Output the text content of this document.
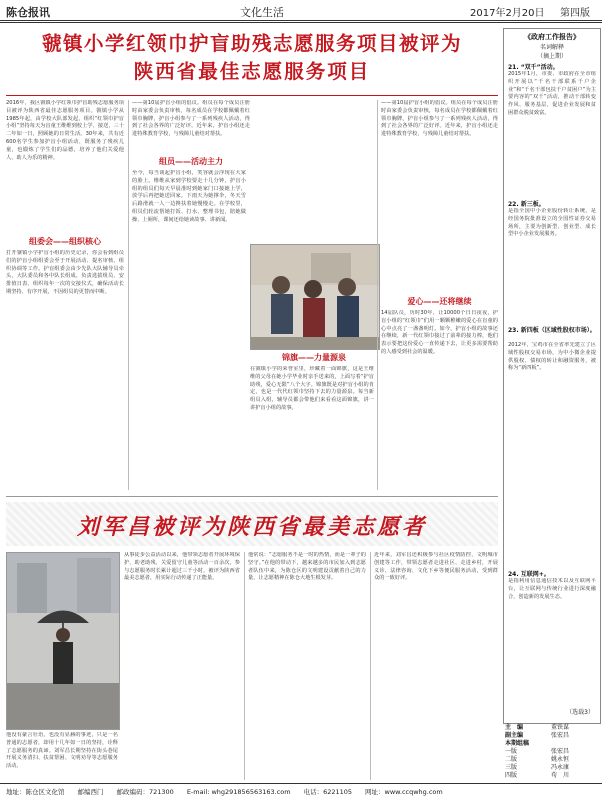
陈仓报讯	文化生活	2017年2月20日 第四版
虢镇小学红领巾护盲助残志愿服务项目被评为
陕西省最佳志愿服务项目
2016年，我区虢镇小学红领巾护盲助残志愿服务项目被评为陕西省最佳志愿服务项目。虢镇小学从1985年起，由学校大队部发起，组织“红领巾护盲小组”坚持每天为盲童王维维到校上学、接送，三十二年如一日，照顾她的日常生活。30年来，共有近600名学生参加护盲小组活动，既服务了残疾儿童，也锻炼了学生们的品德，培养了他们关爱他人、助人为乐的精神。
组委会——组织核心
打开虢镇小学护盲小组的历史记录，你会看到组员们的护盲小组组委会至于开展活动、提名审核、组织协调等工作。护盲组委会由少先队大队辅导员牵头，大队委员和各中队长组成，负责选拔组员、安排值日表、组织每年一次的交接仪式，确保活动长期坚持、有序开展，不因组员的更替而中断。
——第10届护盲小组的倡议。组员在每个成员注册时由家委会负责审核，每名成员在学校都佩戴着红领巾胸牌，护盲小组参与了一系列残疾人活动，得到了社会各界的广泛好评。近年来，护盲小组还走进特殊教育学校，与残障儿童结对帮扶。
组员——活动主力
至今，每当谈起护盲小组，笑容就会浮现在大家的脸上。维维从家到学校要走十几分钟，护盲小组的组员们每天早晨准时到她家门口接她上学，放学后再把她送回家。下雨天为她撑伞，冬天雪后路滑就一人一边搀扶着她慢慢走。在学校里，组员们轮流帮她打饭、打水、整理书包，陪她做操、上厕所，课间还给她读故事、讲新闻。
锦旗——力量源泉
在虢镇小学的荣誉室里，珍藏着一面锦旗，这是王维维的父母在她小学毕业时亲手送来的，上面写着“护盲助残，爱心无限”八个大字。锦旗既是对护盲小组的肯定，也是一代代红领巾坚持下去的力量源泉。每当新组员入组，辅导员都会带他们来看看这面锦旗，讲一讲护盲小组的故事。
——第10届护盲小组的倡议。组员在每个成员注册时由家委会负责审核，每名成员在学校都佩戴着红领巾胸牌，护盲小组参与了一系列残疾人活动，得到了社会各界的广泛好评。近年来，护盲小组还走进特殊教育学校，与残障儿童结对帮扶。
爱心——还将继续
14届队员，历时30年，让10000个日日夜夜，护盲小组的“红领巾”们用一颗颗稚嫩的爱心在盲童的心中点亮了一盏盏明灯。如今，护盲小组的故事还在继续，新一代红领巾接过了前辈的接力棒，他们表示要把这份爱心一直传递下去，让更多需要帮助的人感受到社会的温暖。
刘军昌被评为陕西省最美志愿者
他没有豪言壮语，也没有显赫的事迹，只是一名普通的志愿者，却用十几年如一日的坚持，诠释了志愿服务的真谛。刘军昌长期坚持在街头巷尾开展义务清扫、扶贫帮困、文明劝导等志愿服务活动。
从事徒步公益活动以来，他带领志愿者开展环境保护、助老助残、关爱留守儿童等活动一百余次，参与志愿服务时长累计超过三千小时，被评为陕西省最美志愿者，用实际行动传递了正能量。
他常说：“志愿服务不是一时的热情，而是一辈子的坚守。”在他的带动下，越来越多的市民加入到志愿者队伍中来，为陈仓区的文明建设贡献着自己的力量，让志愿精神在陈仓大地生根发芽。
近年来，刘军昌还积极参与社区疫情防控、文明城市创建等工作，带领志愿者走进社区、走进乡村，开展义诊、法律咨询、文化下乡等便民服务活动，受到群众的一致好评。
《政府工作报告》
名词解释
（摘上期）
21. “双千”活动。
2015年1月，市委、市政府在全市组织开展以“千名干部联系千户企业”和“千名干部包扶千户贫困户”为主要内容的“双千”活动，推动干部转变作风、服务基层，促进企业发展和贫困群众脱贫致富。
22. 新三板。
是指全国中小企业股份转让系统，是经国务院批准设立的全国性证券交易场所，主要为创新型、创业型、成长型中小企业发展服务。
23. 新四板（区域性股权市场）。
2012年，宝鸡市在全省率先建立了区域性股权交易市场，为中小微企业提供股权、债权的转让和融资服务，被称为“新四板”。
24. 互联网+。
是指利用信息通信技术以及互联网平台，让互联网与传统行业进行深度融合，创造新的发展生态。
（选载3）
主　编	董铁谋
副主编	张宏昌
本期组稿
一版	张宏昌
二版	姚永恒
三版	冯永康
四版	苟　川
地址：陈仓区文化馆　　邮编西门　　邮政编码：721300　　E-mail: whg291856563163.com　　电话：6221105　　网址：www.ccqwhg.com
